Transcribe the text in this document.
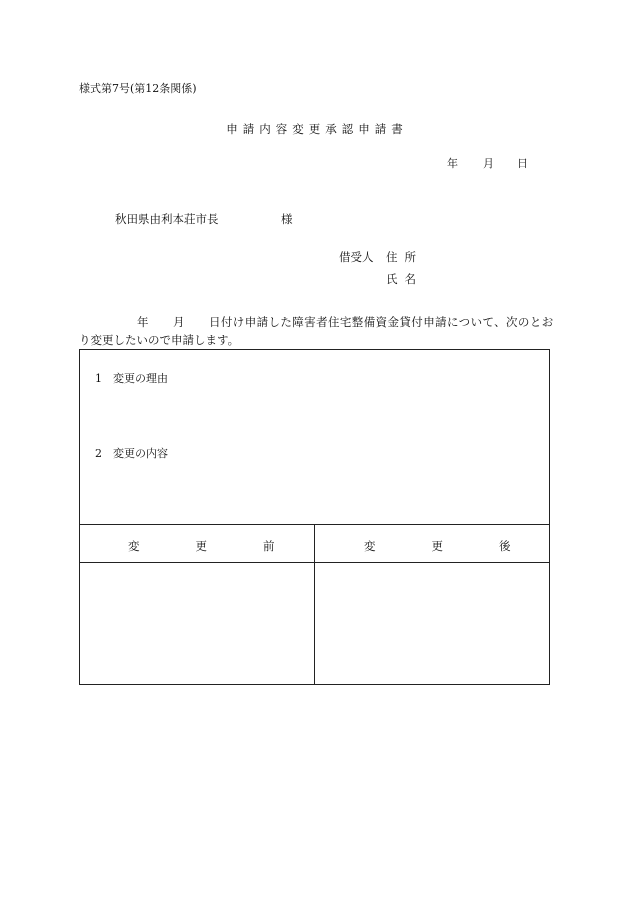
様式第7号(第12条関係)
申請内容変更承認申請書
年 月 日
秋田県由利本荘市長	様
借受人 住所
氏名
年 月 日付け申請した障害者住宅整備資金貸付申請について、次のとお
り変更したいので申請します。
1　変更の理由
2　変更の内容
変更前	変更後
